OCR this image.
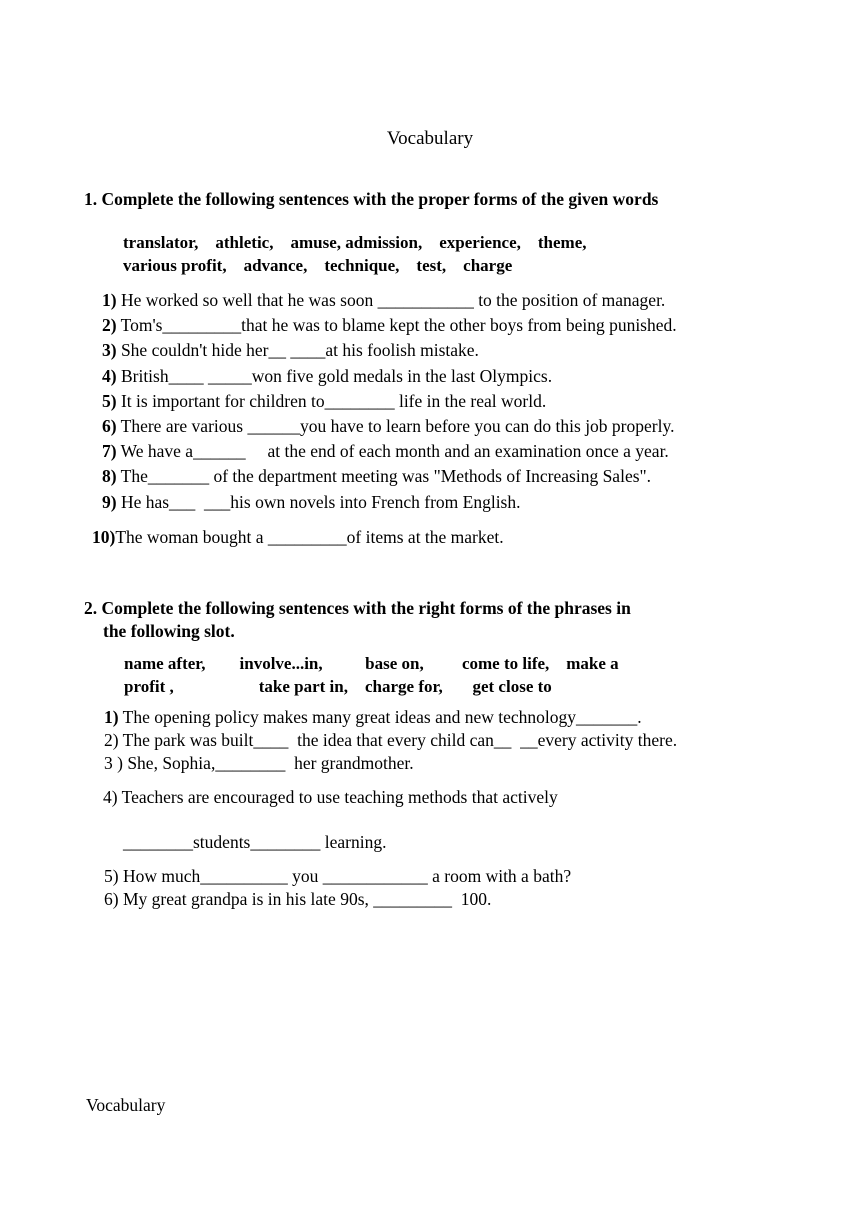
Vocabulary
1. Complete the following sentences with the proper forms of the given words
translator,    athletic,    amuse, admission,    experience,    theme,
various profit,    advance,    technique,    test,    charge
1) He worked so well that he was soon ___________ to the position of manager.
2) Tom's_________that he was to blame kept the other boys from being punished.
3) She couldn't hide her__ ____at his foolish mistake.
4) British____ _____won five gold medals in the last Olympics.
5) It is important for children to________ life in the real world.
6) There are various ______you have to learn before you can do this job properly.
7) We have a______     at the end of each month and an examination once a year.
8) The_______ of the department meeting was "Methods of Increasing Sales".
9) He has___  ___his own novels into French from English.
10)The woman bought a _________of items at the market.
2. Complete the following sentences with the right forms of the phrases in
the following slot.
name after,        involve...in,          base on,         come to life,    make a
profit ,                    take part in,    charge for,       get close to
1) The opening policy makes many great ideas and new technology_______.
2) The park was built____  the idea that every child can__  __every activity there.
3 ) She, Sophia,________  her grandmother.
4) Teachers are encouraged to use teaching methods that actively
________students________ learning.
5) How much__________ you ____________ a room with a bath?
6) My great grandpa is in his late 90s, _________  100.
Vocabulary
